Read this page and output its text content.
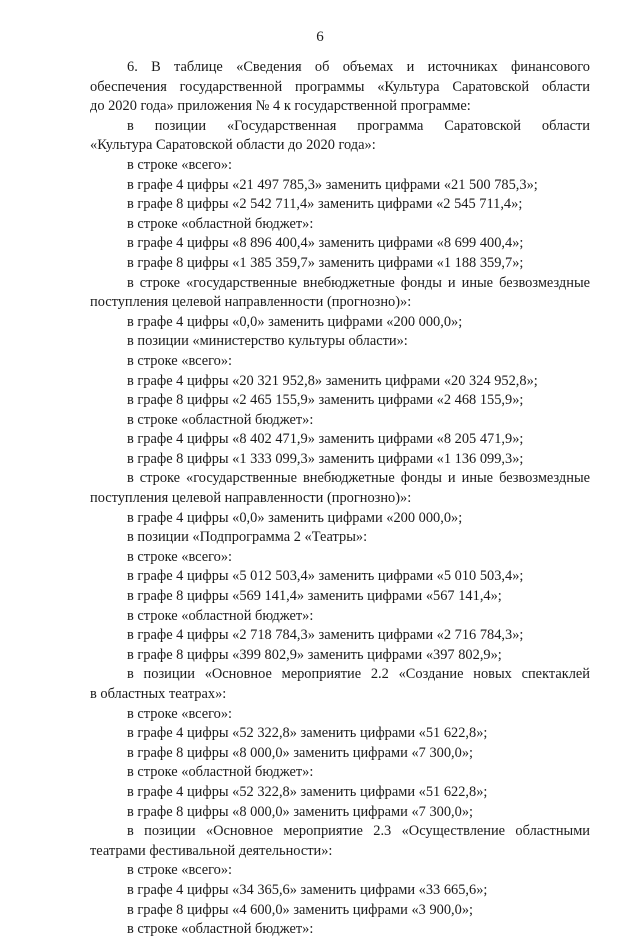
6

6. В таблице «Сведения об объемах и источниках финансового

обеспечения государственной программы «Культура Саратовской области

до 2020 года» приложения № 4 к государственной программе:

в позиции «Государственная программа Саратовской области

«Культура Саратовской области до 2020 года»:

в строке «всего»:

в графе 4 цифры «21 497 785,3» заменить цифрами «21 500 785,3»;

в графе 8 цифры «2 542 711,4» заменить цифрами «2 545 711,4»;

в строке «областной бюджет»:

в графе 4 цифры «8 896 400,4» заменить цифрами «8 699 400,4»;

в графе 8 цифры «1 385 359,7» заменить цифрами «1 188 359,7»;

в строке «государственные внебюджетные фонды и иные безвозмездные

поступления целевой направленности (прогнозно)»:

в графе 4 цифры «0,0» заменить цифрами «200 000,0»;

в позиции «министерство культуры области»:

в строке «всего»:

в графе 4 цифры «20 321 952,8» заменить цифрами «20 324 952,8»;

в графе 8 цифры «2 465 155,9» заменить цифрами «2 468 155,9»;

в строке «областной бюджет»:

в графе 4 цифры «8 402 471,9» заменить цифрами «8 205 471,9»;

в графе 8 цифры «1 333 099,3» заменить цифрами «1 136 099,3»;

в строке «государственные внебюджетные фонды и иные безвозмездные

поступления целевой направленности (прогнозно)»:

в графе 4 цифры «0,0» заменить цифрами «200 000,0»;

в позиции «Подпрограмма 2 «Театры»:

в строке «всего»:

в графе 4 цифры «5 012 503,4» заменить цифрами «5 010 503,4»;

в графе 8 цифры «569 141,4» заменить цифрами «567 141,4»;

в строке «областной бюджет»:

в графе 4 цифры «2 718 784,3» заменить цифрами «2 716 784,3»;

в графе 8 цифры «399 802,9» заменить цифрами «397 802,9»;

в позиции «Основное мероприятие 2.2 «Создание новых спектаклей

в областных театрах»:

в строке «всего»:

в графе 4 цифры «52 322,8» заменить цифрами «51 622,8»;

в графе 8 цифры «8 000,0» заменить цифрами «7 300,0»;

в строке «областной бюджет»:

в графе 4 цифры «52 322,8» заменить цифрами «51 622,8»;

в графе 8 цифры «8 000,0» заменить цифрами «7 300,0»;

в позиции «Основное мероприятие 2.3 «Осуществление областными

театрами фестивальной деятельности»:

в строке «всего»:

в графе 4 цифры «34 365,6» заменить цифрами «33 665,6»;

в графе 8 цифры «4 600,0» заменить цифрами «3 900,0»;

в строке «областной бюджет»:
